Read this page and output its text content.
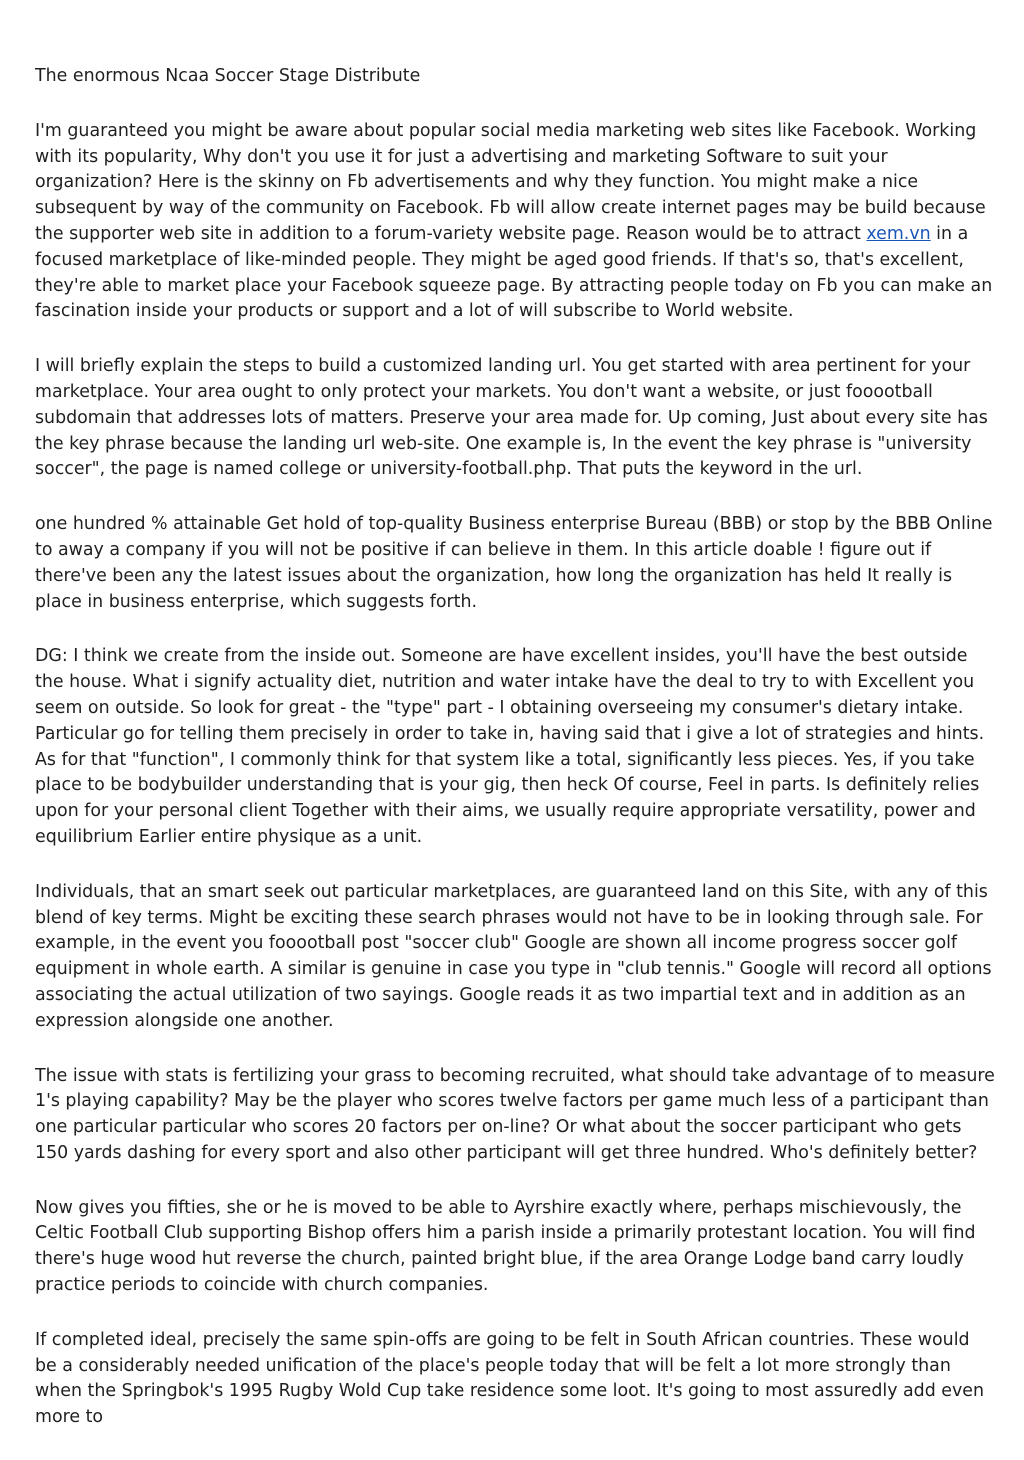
The enormous Ncaa Soccer Stage Distribute

I'm guaranteed you might be aware about popular social media marketing web sites like Facebook. Working with its popularity, Why don't you use it for just a advertising and marketing Software to suit your organization? Here is the skinny on Fb advertisements and why they function. You might make a nice subsequent by way of the community on Facebook. Fb will allow create internet pages may be build because the supporter web site in addition to a forum-variety website page. Reason would be to attract xem.vn in a focused marketplace of like-minded people. They might be aged good friends. If that's so, that's excellent, they're able to market place your Facebook squeeze page. By attracting people today on Fb you can make an fascination inside your products or support and a lot of will subscribe to World website.

I will briefly explain the steps to build a customized landing url. You get started with area pertinent for your marketplace. Your area ought to only protect your markets. You don't want a website, or just fooootball subdomain that addresses lots of matters. Preserve your area made for. Up coming, Just about every site has the key phrase because the landing url web-site. One example is, In the event the key phrase is "university soccer", the page is named college or university-football.php. That puts the keyword in the url.

one hundred % attainable Get hold of top-quality Business enterprise Bureau (BBB) or stop by the BBB Online to away a company if you will not be positive if can believe in them. In this article doable ! figure out if there've been any the latest issues about the organization, how long the organization has held It really is place in business enterprise, which suggests forth.

DG: I think we create from the inside out. Someone are have excellent insides, you'll have the best outside the house. What i signify actuality diet, nutrition and water intake have the deal to try to with Excellent you seem on outside. So look for great - the "type" part - I obtaining overseeing my consumer's dietary intake. Particular go for telling them precisely in order to take in, having said that i give a lot of strategies and hints. As for that "function", I commonly think for that system like a total, significantly less pieces. Yes, if you take place to be bodybuilder understanding that is your gig, then heck Of course, Feel in parts. Is definitely relies upon for your personal client Together with their aims, we usually require appropriate versatility, power and equilibrium Earlier entire physique as a unit.

Individuals, that an smart seek out particular marketplaces, are guaranteed land on this Site, with any of this blend of key terms. Might be exciting these search phrases would not have to be in looking through sale. For example, in the event you fooootball post "soccer club" Google are shown all income progress soccer golf equipment in whole earth. A similar is genuine in case you type in "club tennis." Google will record all options associating the actual utilization of two sayings. Google reads it as two impartial text and in addition as an expression alongside one another.

The issue with stats is fertilizing your grass to becoming recruited, what should take advantage of to measure 1's playing capability? May be the player who scores twelve factors per game much less of a participant than one particular particular who scores 20 factors per on-line? Or what about the soccer participant who gets 150 yards dashing for every sport and also other participant will get three hundred. Who's definitely better?

Now gives you fifties, she or he is moved to be able to Ayrshire exactly where, perhaps mischievously, the Celtic Football Club supporting Bishop offers him a parish inside a primarily protestant location. You will find there's huge wood hut reverse the church, painted bright blue, if the area Orange Lodge band carry loudly practice periods to coincide with church companies.

If completed ideal, precisely the same spin-offs are going to be felt in South African countries. These would be a considerably needed unification of the place's people today that will be felt a lot more strongly than when the Springbok's 1995 Rugby Wold Cup take residence some loot. It's going to most assuredly add even more to
